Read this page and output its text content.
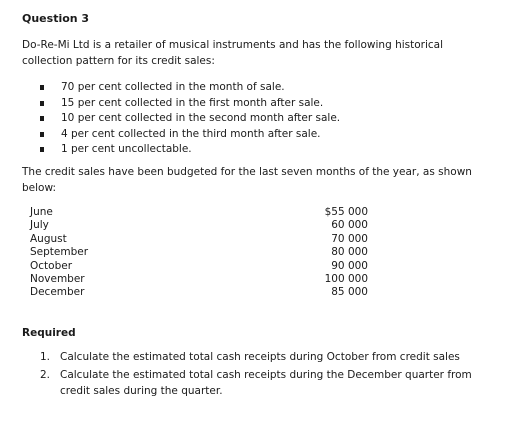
Question 3
Do-Re-Mi Ltd is a retailer of musical instruments and has the following historical collection pattern for its credit sales:
70 per cent collected in the month of sale.
15 per cent collected in the first month after sale.
10 per cent collected in the second month after sale.
4 per cent collected in the third month after sale.
1 per cent uncollectable.
The credit sales have been budgeted for the last seven months of the year, as shown below:
June	$55 000
July	60 000
August	70 000
September	80 000
October	90 000
November	100 000
December	85 000
Required
1. Calculate the estimated total cash receipts during October from credit sales
2. Calculate the estimated total cash receipts during the December quarter from credit sales during the quarter.
